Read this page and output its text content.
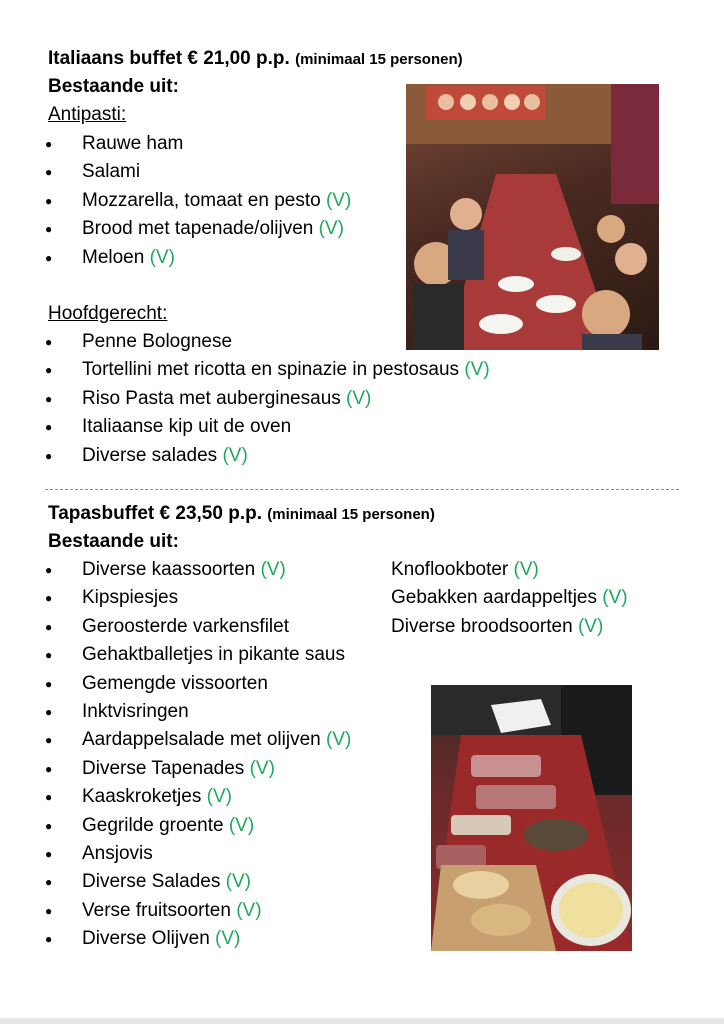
Italiaans buffet € 21,00 p.p. (minimaal 15 personen)
Bestaande uit:
Antipasti:
● Rauwe ham
● Salami
● Mozzarella, tomaat en pesto (V)
● Brood met tapenade/olijven (V)
● Meloen (V)
Hoofdgerecht:
● Penne Bolognese
● Tortellini met ricotta en spinazie in pestosaus (V)
● Riso Pasta met auberginesaus (V)
● Italiaanse kip uit de oven
● Diverse salades (V)
Tapasbuffet € 23,50 p.p. (minimaal 15 personen)
Bestaande uit:
● Diverse kaassoorten (V)
● Kipspiesjes
● Geroosterde varkensfilet
● Gehaktballetjes in pikante saus
● Gemengde vissoorten
● Inktvisringen
● Aardappelsalade met olijven (V)
● Diverse Tapenades (V)
● Kaaskroketjes (V)
● Gegrilde groente (V)
● Ansjovis
● Diverse Salades (V)
● Verse fruitsoorten (V)
● Diverse Olijven (V)
Knoflookboter (V)
Gebakken aardappeltjes (V)
Diverse broodsoorten (V)
